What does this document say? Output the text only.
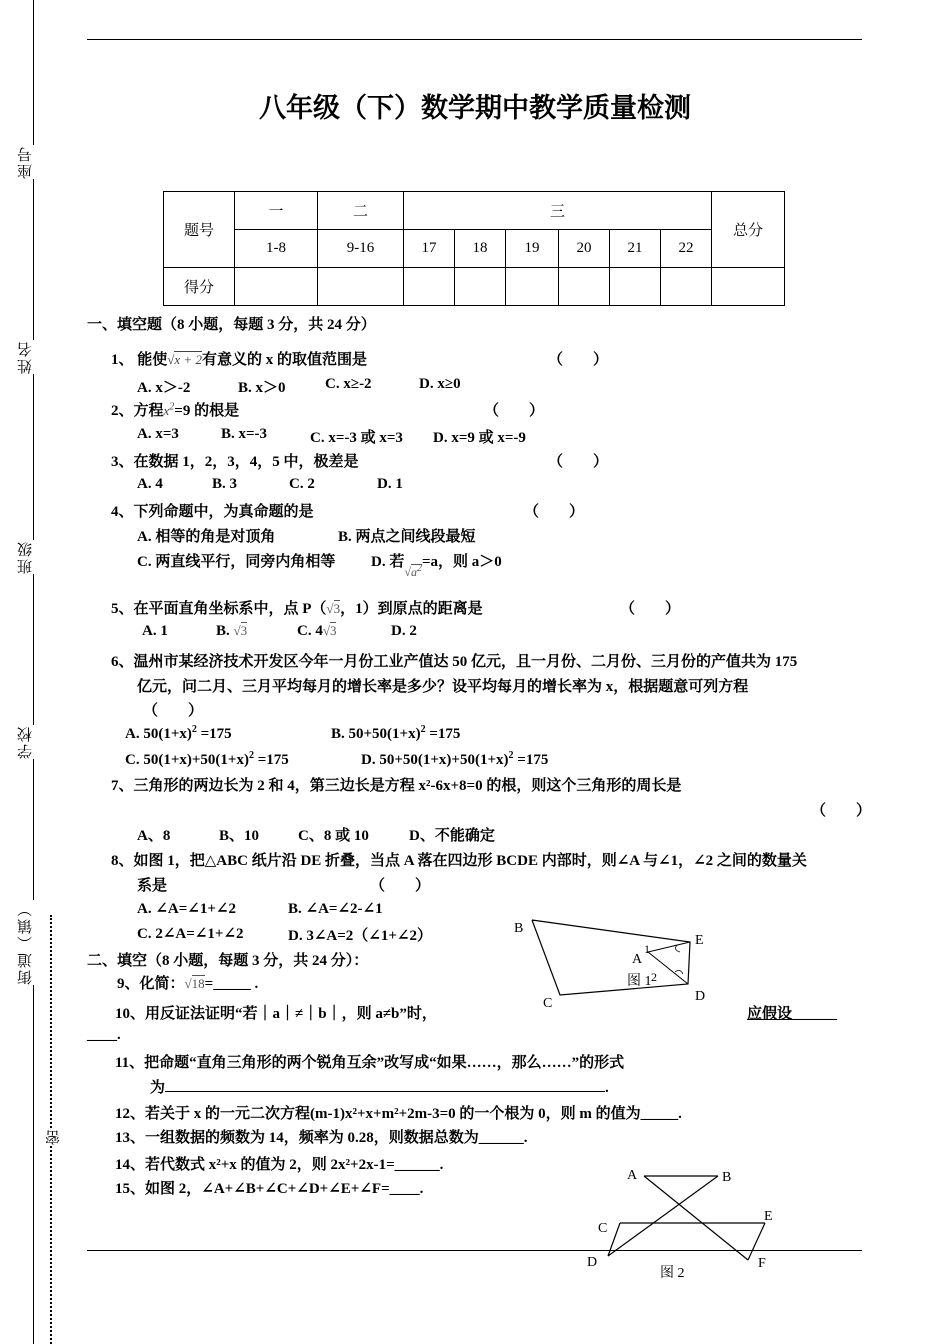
座号
姓名
班级
学校
街道（镇）
密
八年级（下）数学期中教学质量检测
题号	一	二	三						总分
	1-8	9-16	17	18	19	20	21	22	
得分									
一、填空题（8 小题，每题 3 分，共 24 分）
1、 能使√x + 2有意义的 x 的取值范围是	（　　）
A. x＞-2	B. x＞0	C. x≥-2	D. x≥0
2、方程$x^2=9$ 的根是	（　　）
A. x=3	B. x=-3	C. x=-3 或 x=3 D. x=9 或 x=-9
3、在数据 1，2，3，4，5 中，极差是	（　　）
A. 4	B. 3	C. 2	D. 1
4、下列命题中，为真命题的是	（　　）
A. 相等的角是对顶角	B. 两点之间线段最短
C. 两直线平行，同旁内角相等 D. 若$√a^2=a$，则 a＞0
5、在平面直角坐标系中，点 P（√3，1）到原点的距离是	（　　）
A. 1	B. √3	C. 4√3	D. 2
6、温州市某经济技术开发区今年一月份工业产值达 50 亿元，且一月份、二月份、三月份的产值共为 175
亿元，问二月、三月平均每月的增长率是多少？设平均每月的增长率为 x，根据题意可列方程
（　　）
A. $50(1+x)^2 =175$	B. $50+50(1+x)^2 =175$
C. $50(1+x)+50(1+x)^2 =175$	D. $50+50(1+x)+50(1+x)^2 =175$
7、三角形的两边长为 2 和 4，第三边长是方程 x²-6x+8=0 的根，则这个三角形的周长是
（　　）
A、8	B、10	C、8 或 10	D、不能确定
8、如图 1，把△ABC 纸片沿 DE 折叠，当点 A 落在四边形 BCDE 内部时，则∠A 与∠1，∠2 之间的数量关
系是	（　　）
A. ∠A=∠1+∠2	B. ∠A=∠2-∠1
C. 2∠A=∠1+∠2	D. 3∠A=2（∠1+∠2）
二、填空（8 小题，每题 3 分，共 24 分）：
9、化简：√18=_____ .
10、用反证法证明“若｜a｜≠｜b｜，则 a≠b”时，	应假设______
____.
11、把命题“直角三角形的两个锐角互余”改写成“如果……，那么……”的形式
为	.
12、若关于 x 的一元二次方程(m-1)x²+x+m²+2m-3=0 的一个根为 0，则 m 的值为_____.
13、一组数据的频数为 14，频率为 0.28，则数据总数为______.
14、若代数式 x²+x 的值为 2，则 2x²+2x-1=______.
15、如图 2，∠A+∠B+∠C+∠D+∠E+∠F=____.
B
E
A
1
2
图 1
C	D
A	B
C
E
D	F
图 2
